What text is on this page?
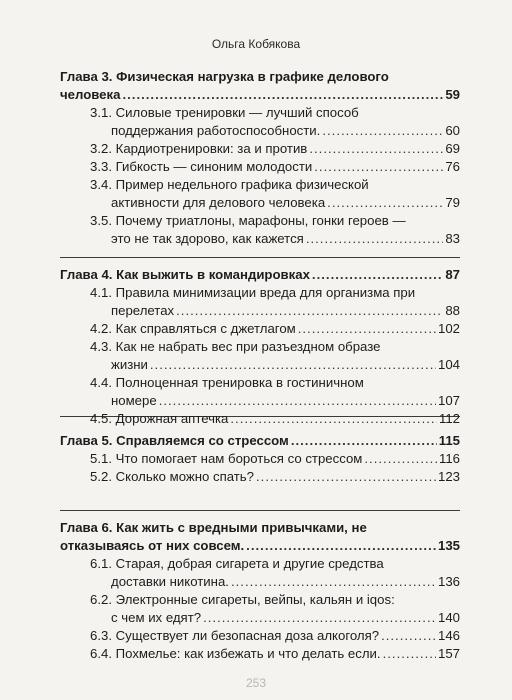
Ольга Кобякова
Глава 3. Физическая нагрузка в графике делового
человека .....	59
3.1. Силовые тренировки — лучший способ
поддержания работоспособности. .....	60
3.2. Кардиотренировки: за и против .....	69
3.3. Гибкость — синоним молодости .....	76
3.4. Пример недельного графика физической
активности для делового человека .....	79
3.5. Почему триатлоны, марафоны, гонки героев —
это не так здорово, как кажется .....	83
Глава 4. Как выжить в командировках .....	87
4.1. Правила минимизации вреда для организма при
перелетах .....	88
4.2. Как справляться с джетлагом .....	102
4.3. Как не набрать вес при разъездном образе
жизни .....	104
4.4. Полноценная тренировка в гостиничном
номере .....	107
4.5. Дорожная аптечка .....	112
Глава 5. Справляемся со стрессом .....	115
5.1. Что помогает нам бороться со стрессом .....	116
5.2. Сколько можно спать? .....	123
Глава 6. Как жить с вредными привычками, не
отказываясь от них совсем. .....	135
6.1. Старая, добрая сигарета и другие средства
доставки никотина. .....	136
6.2. Электронные сигареты, вейпы, кальян и iqos:
с чем их едят? .....	140
6.3. Существует ли безопасная доза алкоголя? .....	146
6.4. Похмелье: как избежать и что делать если. .....	157
253
